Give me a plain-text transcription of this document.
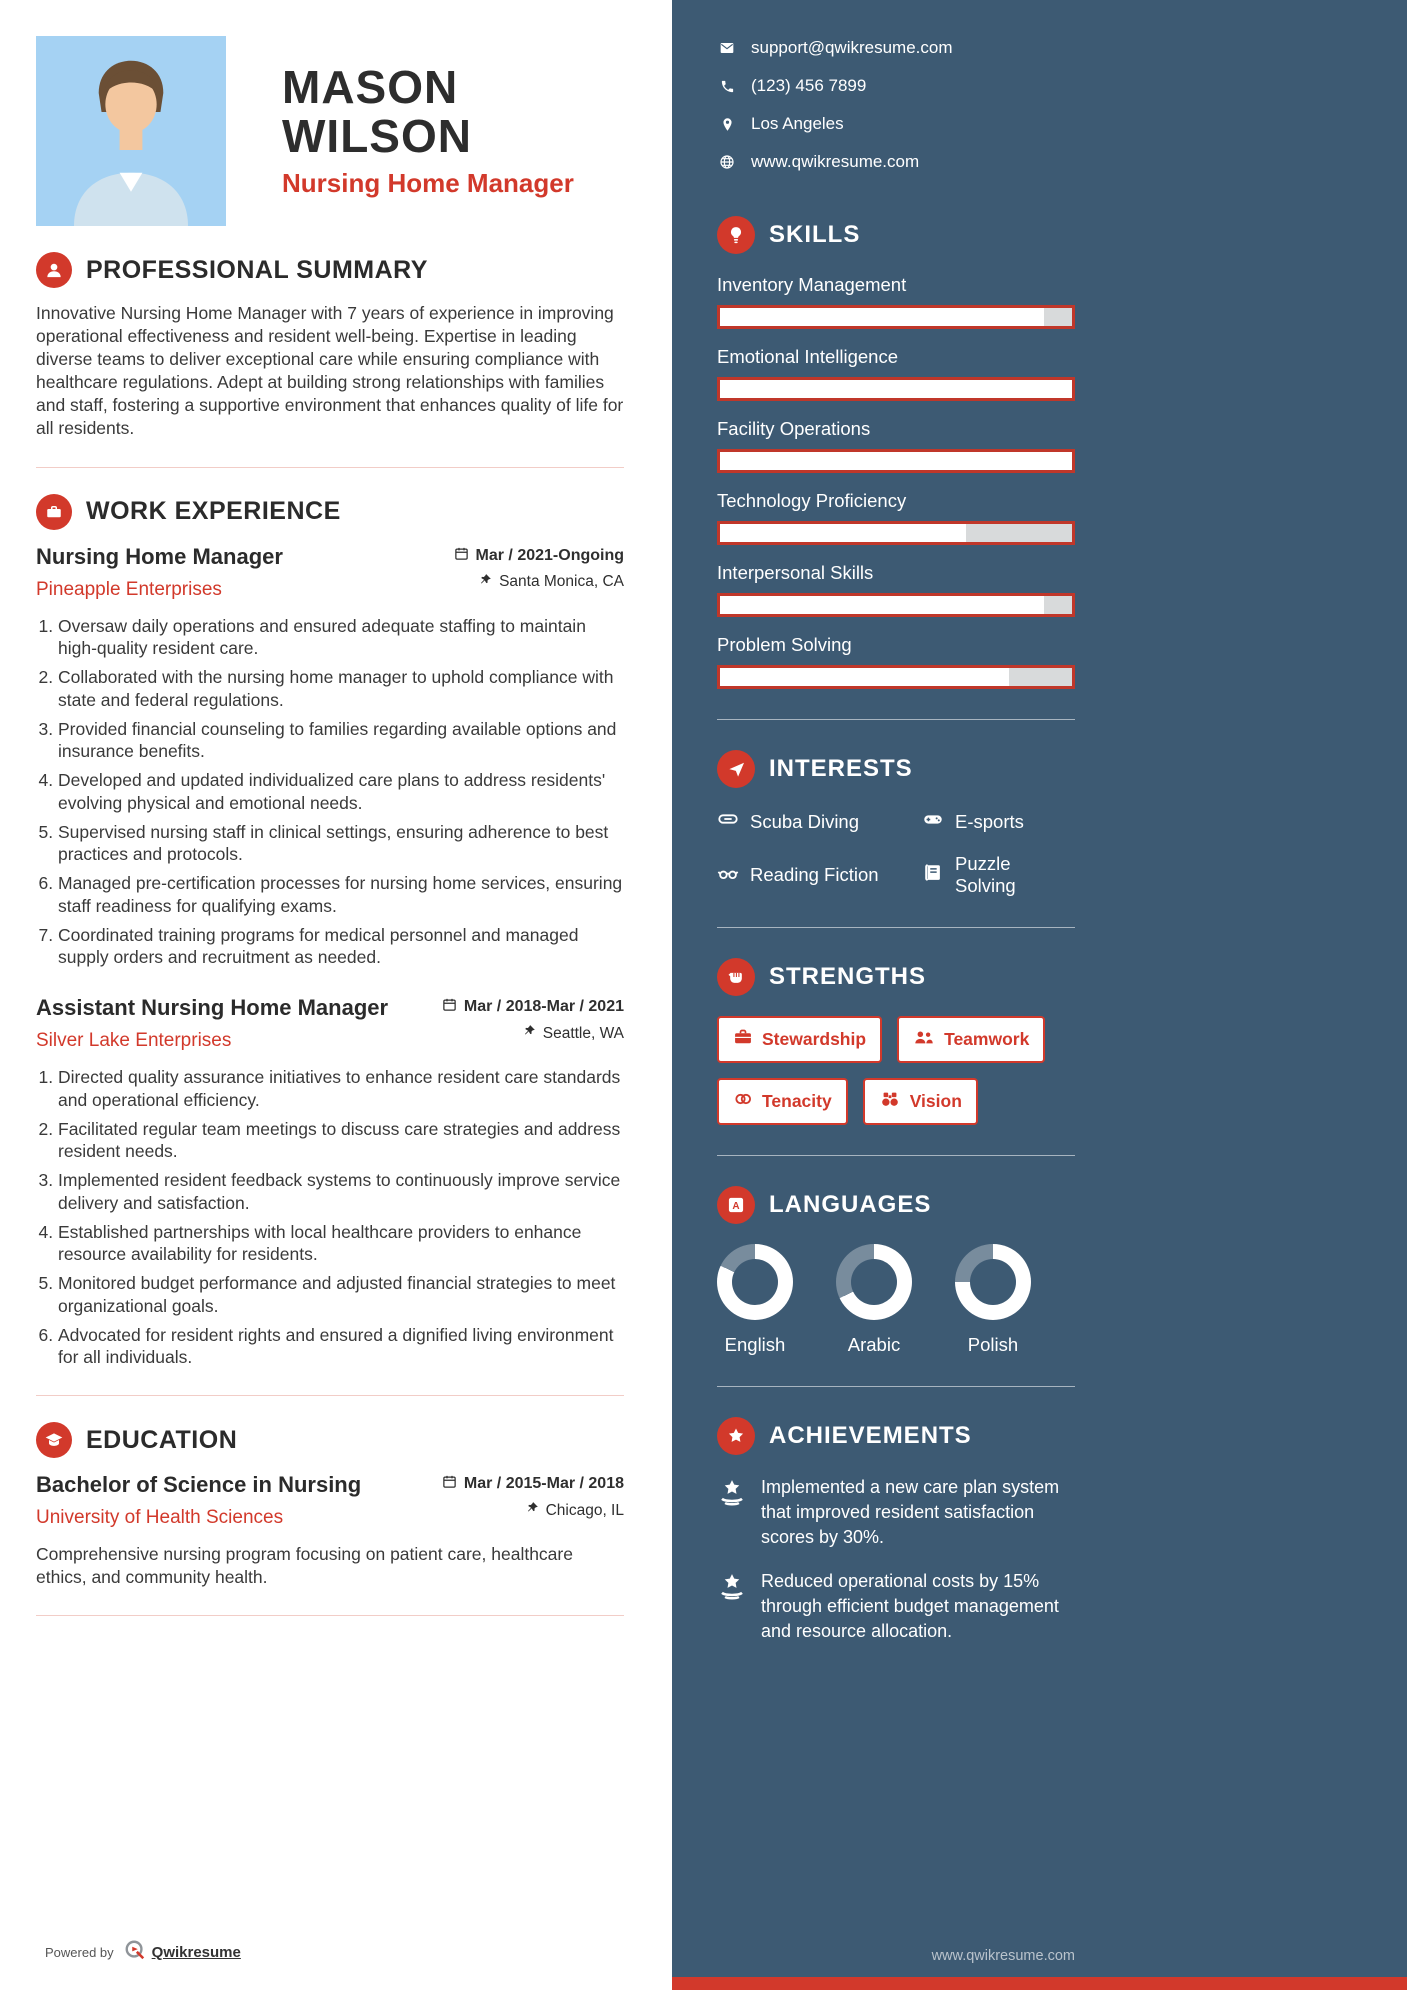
MASON WILSON
Nursing Home Manager
PROFESSIONAL SUMMARY

Innovative Nursing Home Manager with 7 years of experience in improving operational effectiveness and resident well-being. Expertise in leading diverse teams to deliver exceptional care while ensuring compliance with healthcare regulations. Adept at building strong relationships with families and staff, fostering a supportive environment that enhances quality of life for all residents.

WORK EXPERIENCE
Nursing Home Manager
Pineapple Enterprises
Mar / 2021-Ongoing
Santa Monica, CA
1. Oversaw daily operations and ensured adequate staffing to maintain high-quality resident care.
2. Collaborated with the nursing home manager to uphold compliance with state and federal regulations.
3. Provided financial counseling to families regarding available options and insurance benefits.
4. Developed and updated individualized care plans to address residents' evolving physical and emotional needs.
5. Supervised nursing staff in clinical settings, ensuring adherence to best practices and protocols.
6. Managed pre-certification processes for nursing home services, ensuring staff readiness for qualifying exams.
7. Coordinated training programs for medical personnel and managed supply orders and recruitment as needed.
Assistant Nursing Home Manager
Silver Lake Enterprises
Mar / 2018-Mar / 2021
Seattle, WA
1. Directed quality assurance initiatives to enhance resident care standards and operational efficiency.
2. Facilitated regular team meetings to discuss care strategies and address resident needs.
3. Implemented resident feedback systems to continuously improve service delivery and satisfaction.
4. Established partnerships with local healthcare providers to enhance resource availability for residents.
5. Monitored budget performance and adjusted financial strategies to meet organizational goals.
6. Advocated for resident rights and ensured a dignified living environment for all individuals.
EDUCATION
Bachelor of Science in Nursing
University of Health Sciences
Mar / 2015-Mar / 2018
Chicago, IL

Comprehensive nursing program focusing on patient care, healthcare ethics, and community health.

Powered by	Qwikresume
support@qwikresume.com
(123) 456 7899
Los Angeles
www.qwikresume.com
SKILLS
Inventory Management
Emotional Intelligence
Facility Operations
Technology Proficiency
Interpersonal Skills
Problem Solving
INTERESTS
Scuba Diving	E-sports
Reading Fiction
Puzzle Solving
STRENGTHS
Stewardship	Teamwork
Tenacity	Vision
A LANGUAGES
English	Arabic	Polish
ACHIEVEMENTS

Implemented a new care plan system that improved resident satisfaction scores by 30%.

Reduced operational costs by 15% through efficient budget management and resource allocation.

www.qwikresume.com
